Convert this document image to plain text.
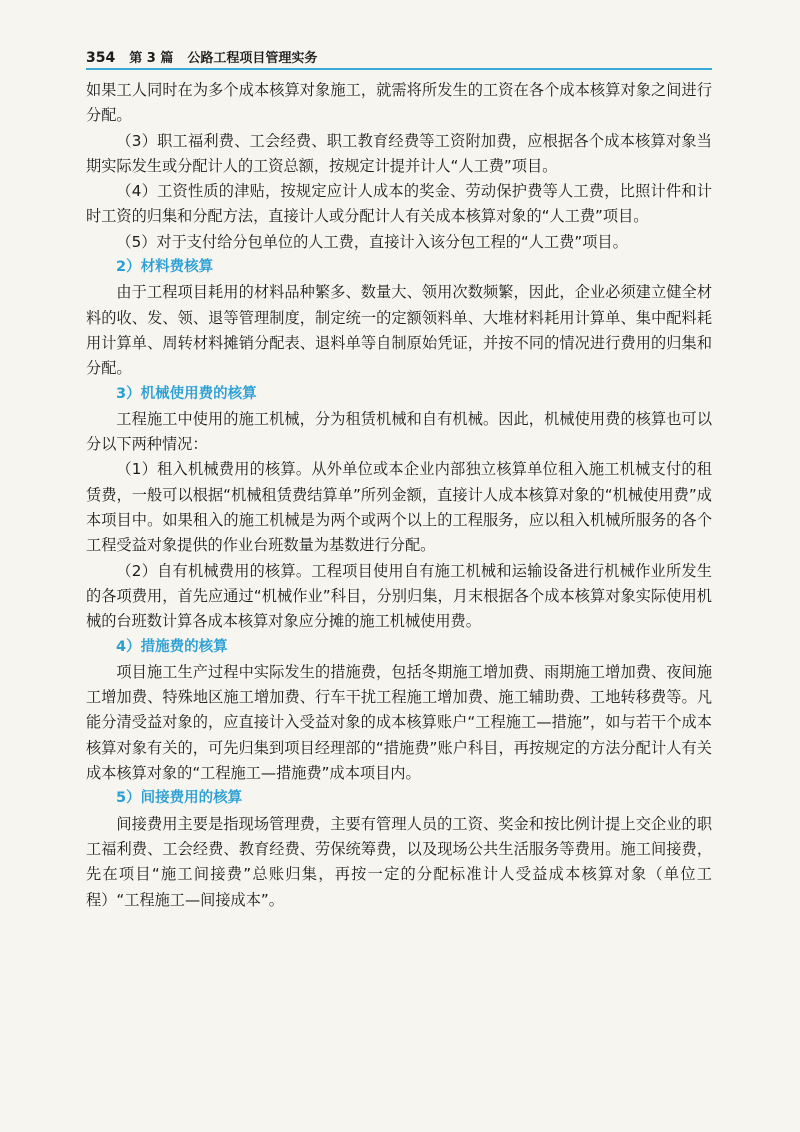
354 第 3 篇 公路工程项目管理实务

如果工人同时在为多个成本核算对象施工，就需将所发生的工资在各个成本核算对象之间进行分配。

（3）职工福利费、工会经费、职工教育经费等工资附加费，应根据各个成本核算对象当期实际发生或分配计人的工资总额，按规定计提并计人“人工费”项目。

（4）工资性质的津贴，按规定应计人成本的奖金、劳动保护费等人工费，比照计件和计时工资的归集和分配方法，直接计人或分配计人有关成本核算对象的“人工费”项目。

（5）对于支付给分包单位的人工费，直接计入该分包工程的“人工费”项目。

2）材料费核算

由于工程项目耗用的材料品种繁多、数量大、领用次数频繁，因此，企业必须建立健全材料的收、发、领、退等管理制度，制定统一的定额领料单、大堆材料耗用计算单、集中配料耗用计算单、周转材料摊销分配表、退料单等自制原始凭证，并按不同的情况进行费用的归集和分配。

3）机械使用费的核算

工程施工中使用的施工机械，分为租赁机械和自有机械。因此，机械使用费的核算也可以分以下两种情况：

（1）租入机械费用的核算。从外单位或本企业内部独立核算单位租入施工机械支付的租赁费，一般可以根据“机械租赁费结算单”所列金额，直接计人成本核算对象的“机械使用费”成本项目中。如果租入的施工机械是为两个或两个以上的工程服务，应以租入机械所服务的各个工程受益对象提供的作业台班数量为基数进行分配。

（2）自有机械费用的核算。工程项目使用自有施工机械和运输设备进行机械作业所发生的各项费用，首先应通过“机械作业”科目，分别归集，月末根据各个成本核算对象实际使用机械的台班数计算各成本核算对象应分摊的施工机械使用费。

4）措施费的核算

项目施工生产过程中实际发生的措施费，包括冬期施工增加费、雨期施工增加费、夜间施工增加费、特殊地区施工增加费、行车干扰工程施工增加费、施工辅助费、工地转移费等。凡能分清受益对象的，应直接计入受益对象的成本核算账户“工程施工—措施”，如与若干个成本核算对象有关的，可先归集到项目经理部的“措施费”账户科目，再按规定的方法分配计人有关成本核算对象的“工程施工—措施费”成本项目内。

5）间接费用的核算

间接费用主要是指现场管理费，主要有管理人员的工资、奖金和按比例计提上交企业的职工福利费、工会经费、教育经费、劳保统筹费，以及现场公共生活服务等费用。施工间接费，先在项目“施工间接费”总账归集，再按一定的分配标准计人受益成本核算对象（单位工程）“工程施工—间接成本”。
